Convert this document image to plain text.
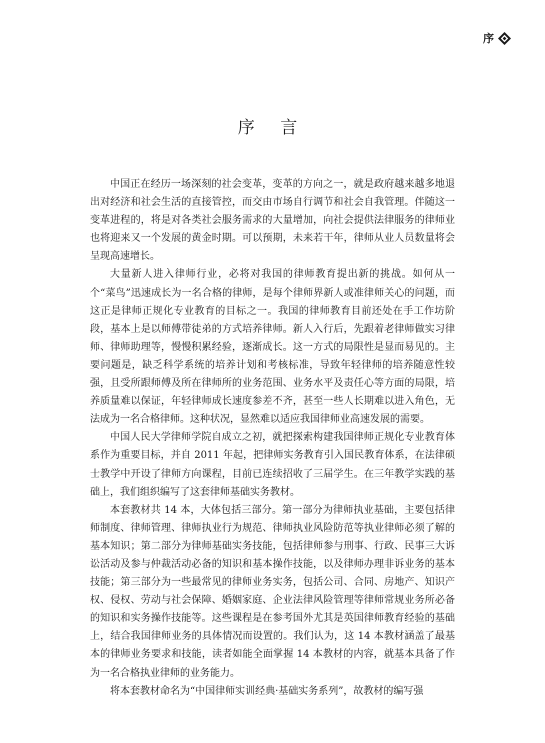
序
序 言

中国正在经历一场深刻的社会变革，变革的方向之一，就是政府越来越多地退出对经济和社会生活的直接管控，而交由市场自行调节和社会自我管理。伴随这一变革进程的，将是对各类社会服务需求的大量增加，向社会提供法律服务的律师业也将迎来又一个发展的黄金时期。可以预期，未来若干年，律师从业人员数量将会呈现高速增长。

大量新人进入律师行业，必将对我国的律师教育提出新的挑战。如何从一个“菜鸟”迅速成长为一名合格的律师，是每个律师界新人或准律师关心的问题，而这正是律师正规化专业教育的目标之一。我国的律师教育目前还处在手工作坊阶段，基本上是以师傅带徒弟的方式培养律师。新人入行后，先跟着老律师做实习律师、律师助理等，慢慢积累经验，逐渐成长。这一方式的局限性是显而易见的。主要问题是，缺乏科学系统的培养计划和考核标准，导致年轻律师的培养随意性较强，且受所跟师傅及所在律师所的业务范围、业务水平及责任心等方面的局限，培养质量难以保证，年轻律师成长速度参差不齐，甚至一些人长期难以进入角色，无法成为一名合格律师。这种状况，显然难以适应我国律师业高速发展的需要。

中国人民大学律师学院自成立之初，就把探索构建我国律师正规化专业教育体系作为重要目标，并自 2011 年起，把律师实务教育引入国民教育体系，在法律硕士教学中开设了律师方向课程，目前已连续招收了三届学生。在三年教学实践的基础上，我们组织编写了这套律师基础实务教材。

本套教材共 14 本，大体包括三部分。第一部分为律师执业基础，主要包括律师制度、律师管理、律师执业行为规范、律师执业风险防范等执业律师必须了解的基本知识；第二部分为律师基础实务技能，包括律师参与刑事、行政、民事三大诉讼活动及参与仲裁活动必备的知识和基本操作技能，以及律师办理非诉业务的基本技能；第三部分为一些最常见的律师业务实务，包括公司、合同、房地产、知识产权、侵权、劳动与社会保障、婚姻家庭、企业法律风险管理等律师常规业务所必备的知识和实务操作技能等。这些课程是在参考国外尤其是英国律师教育经验的基础上，结合我国律师业务的具体情况而设置的。我们认为，这 14 本教材涵盖了最基本的律师业务要求和技能，读者如能全面掌握 14 本教材的内容，就基本具备了作为一名合格执业律师的业务能力。

将本套教材命名为“中国律师实训经典·基础实务系列”，故教材的编写强
